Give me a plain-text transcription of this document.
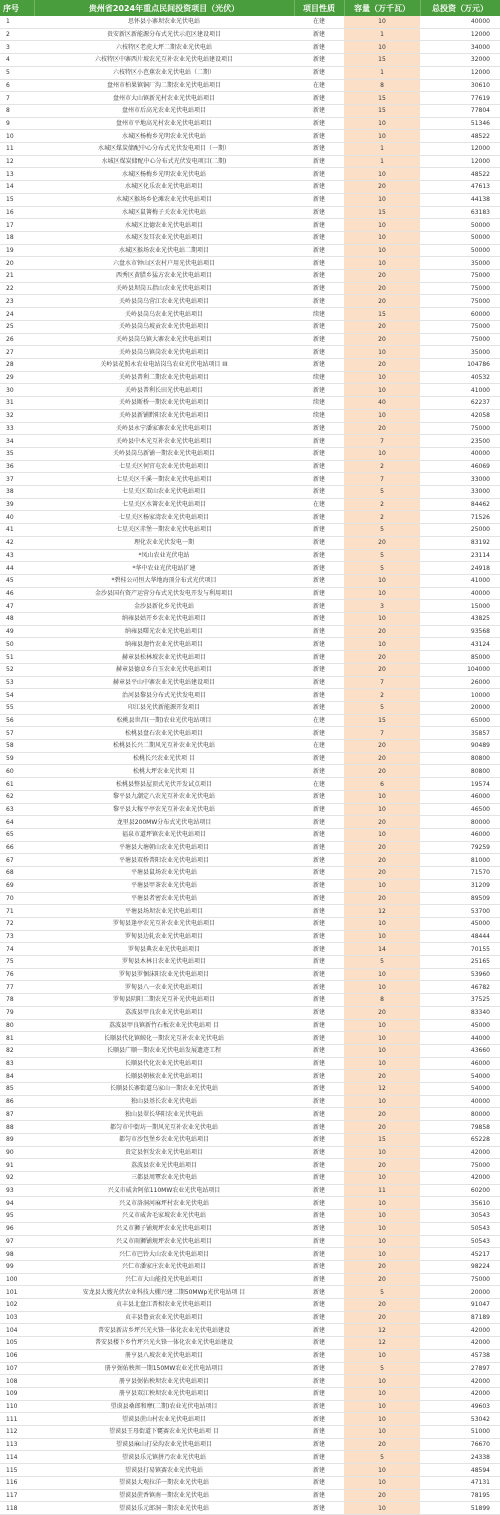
序号	贵州省2024年重点民间投资项目（光伏）	项目性质	容量（万千瓦）	总投资（万元）
1	思怀县小寨坝农业光伏电站	在建	10	40000
2	贵安新区新能源分布式光伏示范区建设项目	新建	1	12000
3	六枝特区老虎大坪二期农业光伏电站	新建	10	34000
4	六枝特区中寨西片坡农光互补农业光伏电站建设项目	新建	15	32000
5	六枝特区小芭蕉农业光伏电站（二期）	新建	1	12000
6	盘州市柏果镇铜厂沟二期农业光伏电站项目	在建	8	30610
7	盘州市大山镇新光村农业光伏电站项目	新建	15	77619
8	盘州市后高光农业光伏电站项目	新建	15	77804
9	盘州市平地高光村农业光伏电站项目	新建	10	51346
10	水城区杨梅乡光明农业光伏电站	新建	10	48522
11	水城区煤炭储配中心分布式光伏发电项目（一期）	新建	1	12000
12	水城区煤炭储配中心分布式光伏发电项目(二期)	新建	1	12000
13	水城区杨梅乡光明农业光伏电站	新建	10	48522
14	水城区化乐农业光伏电站项目	新建	20	47613
15	水城区猴场乡伦滩农业光伏电站项目	新建	10	44138
16	水城区鼠箐梅子关农业光伏电站	新建	15	63183
17	水城区比德农业光伏电站项目	新建	10	50000
18	水城区发耳农业光伏电站项目	新建	10	50000
19	水城区猴场农业光伏电站二期项目	新建	10	50000
20	六盘水市钟山区农村户用光伏电站项目	新建	10	35000
21	西秀区黄腊乡猛方农业光伏电站项目	新建	20	75000
22	关岭县坝岗五指山农业光伏电站项目	新建	20	75000
23	关岭县岗乌营江农业光伏电站项目	新建	20	75000
24	关岭县岗乌农业光伏电站项目	续建	15	60000
25	关岭县岗乌坡贡农业光伏电站项目	新建	20	75000
26	关岭县岗乌镇大寨农业光伏电站项目	新建	20	75000
27	关岭县岗乌镇岗农业光伏电站项目	新建	10	35000
28	关岭县花照永农业电站岗乌农业光伏电站项目 III	新建	20	104786
29	关岭县普利二期农业光伏电站项目	续建	10	40532
30	关岭县普利长田光伏电站项目	新建	10	41000
31	关岭县断桥一期农业光伏电站项目	续建	40	62237
32	关岭县新铺黔阳农业光伏电站项目	续建	10	42058
33	关岭县永宁潘家寨农业光伏电站项目	新建	20	75000
34	关岭县中木光互补农业光伏电站项目	新建	7	23500
35	关岭县岗乌新铺一期农业光伏电站项目	新建	10	40000
36	七星关区何官屯农业光伏电站项目	新建	2	46069
37	七星关区千溪一期农业光伏电站项目	新建	7	33000
38	七星关区双山农业光伏电站项目	新建	5	33000
39	七星关区水箐农业光伏电站项目	在建	2	84462
40	七星关区杨家湾农业光伏电站项目	新建	2	71526
41	七星关区赤堡一期农业光伏电站项目	新建	5	25000
42	理化农业光伏发电一期	新建	20	83192
43	*凤山农业光伏电站	新建	5	23114
44	*华中农业光伏电站扩建	新建	5	24918
45	*碧桂公司恒大华地海顶分布式光伏项目	新建	10	41000
46	金沙县国有资产运营分布式光伏发电开发与利用项目	新建	10	40000
47	金沙县新化乡光伏电站	新建	3	15000
48	纳雍县姑开乡农业光伏电站项目	新建	10	43825
49	纳雍县曙光农业光伏电站项目	新建	20	93568
50	纳雍县迦竹农业光伏电站项目	新建	10	43124
51	赫章县松林坡农业光伏电站项目	新建	20	85000
52	赫章县德卓乡白玉农业光伏电站项目	新建	20	104000
53	赫章县平山中寨农业光伏电站建设项目	新建	7	26000
54	治河县黎县分布式光伏发电项目	新建	2	10000
55	印江县光伏新能源开发项目	新建	5	20000
56	松桃县世昌(一期)农业光伏电站项目	在建	15	65000
57	松桃县盘石农业光伏电站项目	新建	7	35857
58	松桃县长兴二期风光互补农业光伏电站	在建	20	90489
59	松桃长兴农业光伏项 目	新建	20	80800
60	松桃大坪农业光伏项 目	新建	20	80800
61	松桃县整县屋顶式光伏开发试点项目	在建	6	19574
62	黎平县九潮定八农光互补农业光伏电站	新建	10	46000
63	黎平县大稼平亭农光互补农业光伏电站	新建	10	46500
64	龙里县200MW分布式光伏电站项目	新建	20	80000
65	福泉市道坪镇农业光伏电站项目	新建	10	46000
66	平塘县大塘朝山农业光伏电站项目	新建	20	79259
67	平塘县双桥普阳农业光伏电站项目	新建	20	81000
68	平塘县鼠场农业光伏电站	新建	20	71570
69	平塘县甲茶农业光伏电站	新建	10	31209
70	平塘县者密农业光伏电站	新建	20	89509
71	平塘县场坝农业光伏电站项目	新建	12	53700
72	罗甸县逢亭农光互补农业光伏电站项目	新建	10	45000
73	罗甸县边轧农业光伏电站项目	新建	10	48444
74	罗甸县典农业光伏电站项目	新建	14	70155
75	罗甸县木林日农业光伏电站项目	新建	5	25165
76	罗甸县罗悃沫阳农业光伏电站项目	新建	10	53960
77	罗甸县八一农业光伏电站项目	新建	10	46782
78	罗甸县阴阳二期农光互补光伏电站项目	新建	8	37525
79	荔波县甲良农业光伏电站项目	新建	20	83340
80	荔波县甲良镇新竹石板农业光伏电站项 目	新建	10	45000
81	长顺县代化镇鲸化一期农光互补农业光伏电站	新建	10	44000
82	长顺县广顺一期农业光伏电站发展遗迹工程	新建	10	43660
83	长顺县代化农业光伏电站项目	新建	10	46000
84	长顺县朝核农业光伏电站项目	新建	20	54000
85	长顺县长寨街道乌家山一期农业光伏电站	新建	12	54000
86	独山县基长农业光伏电站	新建	10	40000
87	独山县翠长华阳农业光伏电站	新建	20	80000
88	都匀市中街坊一期风光互补农业光伏电站	新建	20	79858
89	都匀市沙包堡乡农业光伏电站项目	新建	15	65228
90	贵定县恒发农业光伏电站项目	新建	10	42000
91	荔波县农业光伏电站项目	新建	20	75000
92	三都县周覃农业光伏电站	新建	10	42000
93	兴义市威舍阿依110MW农业光伏电站项目	新建	11	60200
94	兴义市洛洞河麻坪村农业光伏电站	新建	10	35610
95	兴义市威舍毛家坡农业光伏电站	新建	10	30543
96	兴义市狮子铺规坪农业光伏电站项目	新建	10	50543
97	兴义市雨狮铺规坪农业光伏电站项目	新建	10	50543
98	兴仁市巴铃大山农业光伏电站项目	新建	10	45217
99	兴仁市潘家庄农业光伏电站项目	新建	20	98224
100	兴仁市大山能投光伏电站项目	新建	20	75000
101	安龙县大嫂光伏农业科技大棚兴建二期50MWp光伏电站项 目	新建	5	20000
102	贞丰县北盘江普相农业光伏电站项目	新建	20	91047
103	贞丰县鲁贡农业光伏电站项目	新建	20	87189
104	普安县新店乡坪兴光火锋一体化农业光伏电站建设	新建	12	42000
105	普安县楼下乡竹坪兴光火锋一体化农业光伏电站建设	新建	12	42000
106	册亨县八坡农业光伏电站项目	新建	10	45738
107	册亨弼佑秧坝一期150MW农业光伏电站项目	新建	5	27897
108	册亨县弼佑秧坝农业光伏电站项目	新建	10	42000
109	册亨县双江秧坝农业光伏电站项目	新建	10	42000
110	望谟县桑郎和摩(二期)农业光伏电站项目	新建	10	49603
111	望谟县蔗山村农业光伏电站项目	新建	10	53042
112	望谟县王母街道下甕赛农业光伏电站项 目	新建	10	51000
113	望谟县麻山打朵沟农业光伏电站项目	新建	20	76670
114	望谟县乐元镇拼乃农业光伏电站	新建	5	24338
115	望谟县打易镇赛农业光伏电站	新建	10	48594
116	望谟县大观拉洋一期农业光伏电站	新建	10	47131
117	望谟县蔗香镇南一期农业光伏电站	新建	20	78195
118	望谟县乐元郎洞一期农业光伏电站	新建	10	51899
